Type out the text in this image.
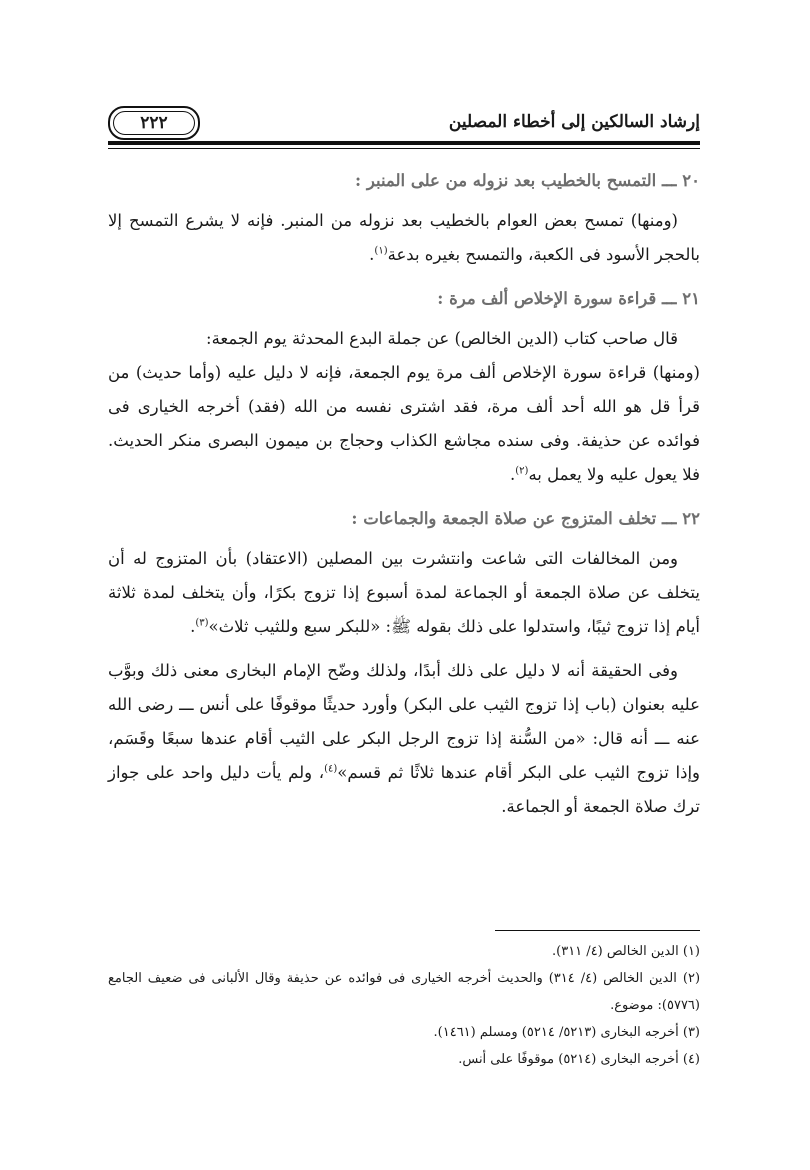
إرشاد السالكين إلى أخطاء المصلين
٢٢٢
٢٠ ـــ التمسح بالخطيب بعد نزوله من على المنبر :

(ومنها) تمسح بعض العوام بالخطيب بعد نزوله من المنبر. فإنه لا يشرع التمسح إلا بالحجر الأسود فى الكعبة، والتمسح بغيره بدعة$^{(١)}$.

٢١ ـــ قراءة سورة الإخلاص ألف مرة :

قال صاحب كتاب (الدين الخالص) عن جملة البدع المحدثة يوم الجمعة:

(ومنها) قراءة سورة الإخلاص ألف مرة يوم الجمعة، فإنه لا دليل عليه (وأما حديث) من قرأ قل هو الله أحد ألف مرة، فقد اشترى نفسه من الله (فقد) أخرجه الخيارى فى فوائده عن حذيفة. وفى سنده مجاشع الكذاب وحجاج بن ميمون البصرى منكر الحديث. فلا يعول عليه ولا يعمل به$^{(٢)}$.

٢٢ ـــ تخلف المتزوج عن صلاة الجمعة والجماعات :

ومن المخالفات التى شاعت وانتشرت بين المصلين (الاعتقاد) بأن المتزوج له أن يتخلف عن صلاة الجمعة أو الجماعة لمدة أسبوع إذا تزوج بكرًا، وأن يتخلف لمدة ثلاثة أيام إذا تزوج ثيبًا، واستدلوا على ذلك بقوله ﷺ: «للبكر سبع وللثيب ثلاث»$^{(٣)}$.

وفى الحقيقة أنه لا دليل على ذلك أبدًا، ولذلك وضّح الإمام البخارى معنى ذلك وبوَّب عليه بعنوان (باب إذا تزوج الثيب على البكر) وأورد حديثًا موقوفًا على أنس ـــ رضى الله عنه ـــ أنه قال: «من السُّنة إذا تزوج الرجل البكر على الثيب أقام عندها سبعًا وقَسَم، وإذا تزوج الثيب على البكر أقام عندها ثلاثًا ثم قسم»$^{(٤)}$، ولم يأت دليل واحد على جواز ترك صلاة الجمعة أو الجماعة.

(١) الدين الخالص (٤/ ٣١١).

(٢) الدين الخالص (٤/ ٣١٤) والحديث أخرجه الخيارى فى فوائده عن حذيفة وقال الألبانى فى ضعيف الجامع (٥٧٧٦): موضوع.

(٣) أخرجه البخارى (٥٢١٣/ ٥٢١٤) ومسلم (١٤٦١).

(٤) أخرجه البخارى (٥٢١٤) موقوفًا على أنس.
